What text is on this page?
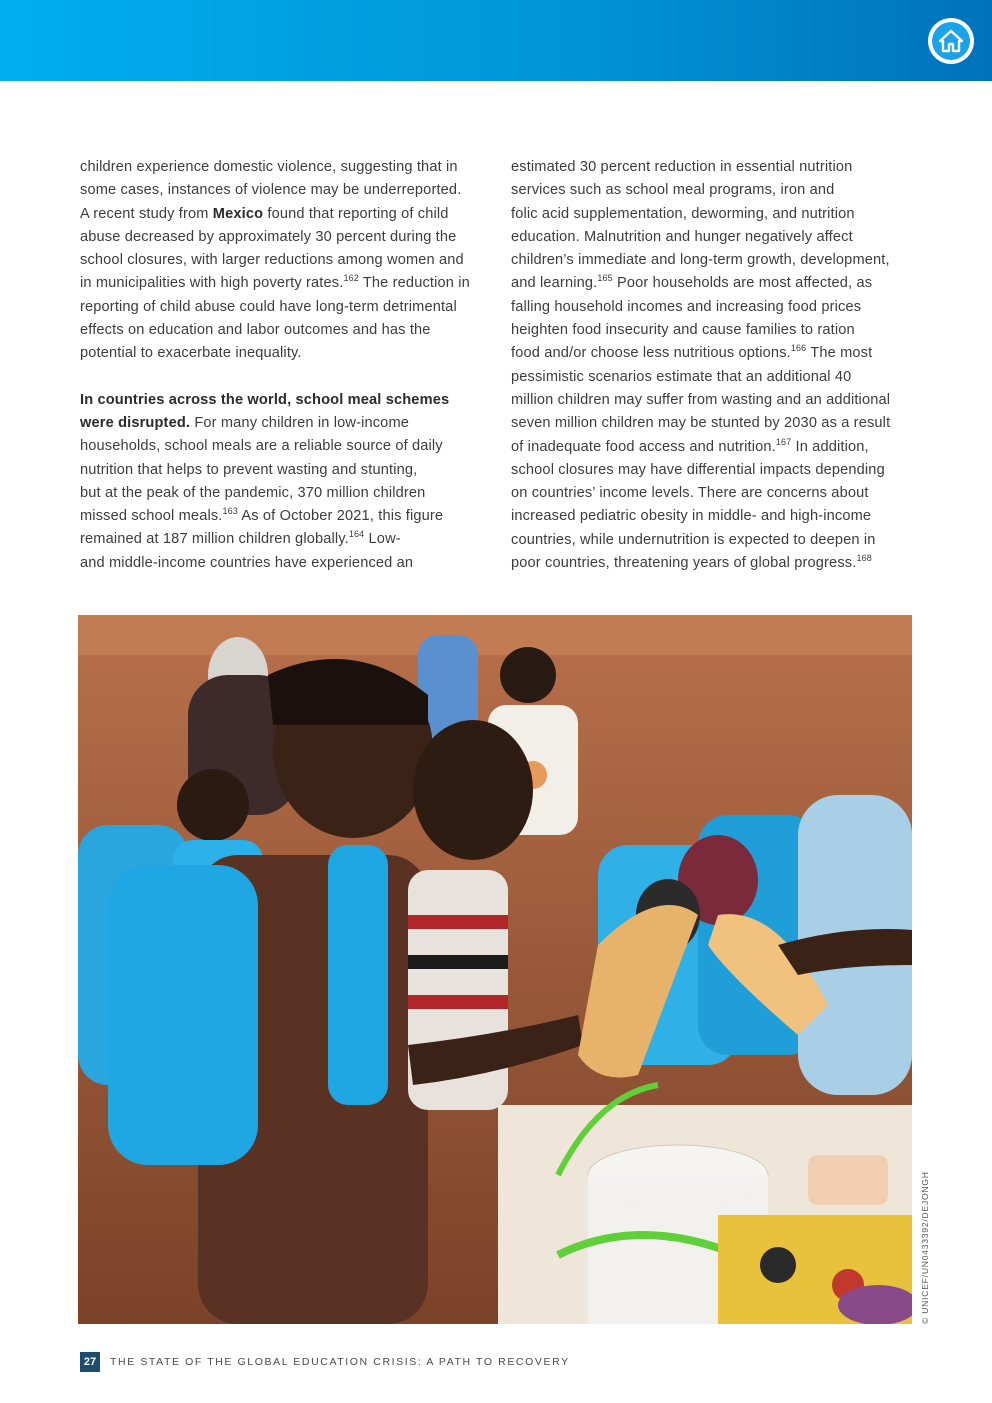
children experience domestic violence, suggesting that in
some cases, instances of violence may be underreported.
A recent study from Mexico found that reporting of child
abuse decreased by approximately 30 percent during the
school closures, with larger reductions among women and
in municipalities with high poverty rates.$^{162}$ The reduction in
reporting of child abuse could have long-term detrimental
effects on education and labor outcomes and has the
potential to exacerbate inequality.

In countries across the world, school meal schemes
were disrupted. For many children in low-income
households, school meals are a reliable source of daily
nutrition that helps to prevent wasting and stunting,
but at the peak of the pandemic, 370 million children
missed school meals.$^{163}$ As of October 2021, this figure
remained at 187 million children globally.$^{164}$ Low-
and middle-income countries have experienced an

estimated 30 percent reduction in essential nutrition
services such as school meal programs, iron and
folic acid supplementation, deworming, and nutrition
education. Malnutrition and hunger negatively affect
children’s immediate and long-term growth, development,
and learning.$^{165}$ Poor households are most affected, as
falling household incomes and increasing food prices
heighten food insecurity and cause families to ration
food and/or choose less nutritious options.$^{166}$ The most
pessimistic scenarios estimate that an additional 40
million children may suffer from wasting and an additional
seven million children may be stunted by 2030 as a result
of inadequate food access and nutrition.$^{167}$ In addition,
school closures may have differential impacts depending
on countries’ income levels. There are concerns about
increased pediatric obesity in middle- and high-income
countries, while undernutrition is expected to deepen in
poor countries, threatening years of global progress.$^{168}$

© UNICEF/UN0433392/DEJONGH
27	THE STATE OF THE GLOBAL EDUCATION CRISIS: A PATH TO RECOVERY
